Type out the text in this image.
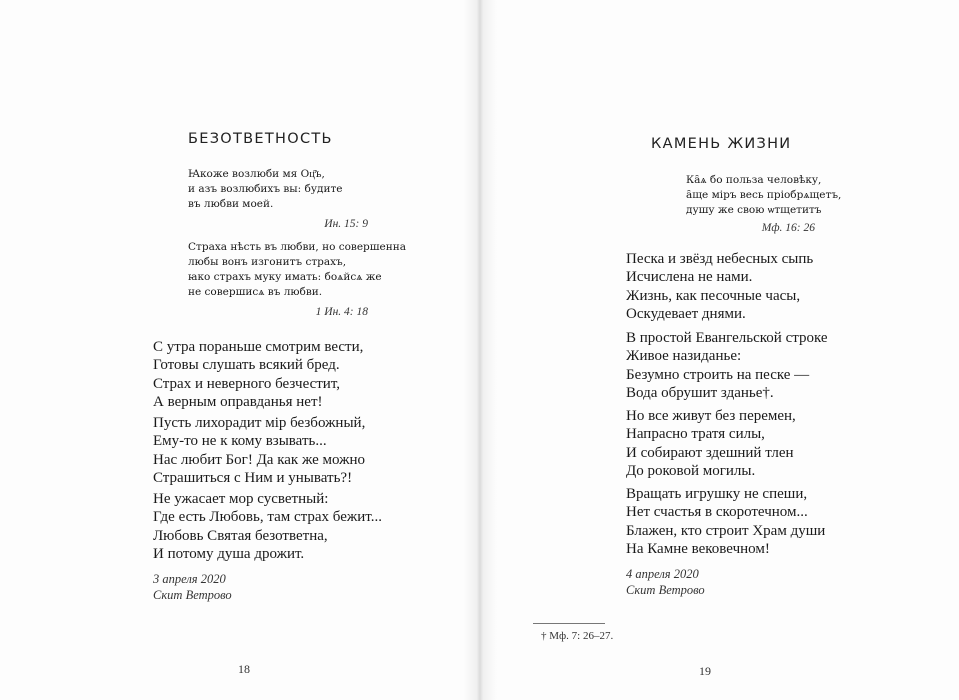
БЕЗОТВЕТНОСТЬ
Ꙗкоже возлюби мя Оц҃ъ,
и азъ возлюбихъ вы: будите
въ любви моей.
Ин. 15: 9
Страха нѣсть въ любви, но совершенна
любы вонъ изгонитъ страхъ,
ꙗко страхъ муку имать: боѧйсѧ же
не совершисѧ въ любви.
1 Ин. 4: 18
С утра пораньше смотрим вести,
Готовы слушать всякий бред.
Страх и неверного безчестит,
А верным оправданья нет!
Пусть лихорадит мiр безбожный,
Ему-то не к кому взывать...
Нас любит Бог! Да как же можно
Страшиться с Ним и унывать?!
Не ужасает мор сусветный:
Где есть Любовь, там страх бежит...
Любовь Святая безответна,
И потому душа дрожит.
3 апреля 2020
Скит Ветрово
18
КАМЕНЬ ЖИЗНИ
Ка̑ѧ бо польза человѣку,
а̑ще мiръ весь прiобрѧщетъ,
душу же свою ѡтщетитъ
Мф. 16: 26
Песка и звёзд небесных сыпь
Исчислена не нами.
Жизнь, как песочные часы,
Оскудевает днями.
В простой Евангельской строке
Живое назиданье:
Безумно строить на песке —
Вода обрушит зданье†.
Но все живут без перемен,
Напрасно тратя силы,
И собирают здешний тлен
До роковой могилы.
Вращать игрушку не спеши,
Нет счастья в скоротечном...
Блажен, кто строит Храм души
На Камне вековечном!
4 апреля 2020
Скит Ветрово
† Мф. 7: 26–27.
19
